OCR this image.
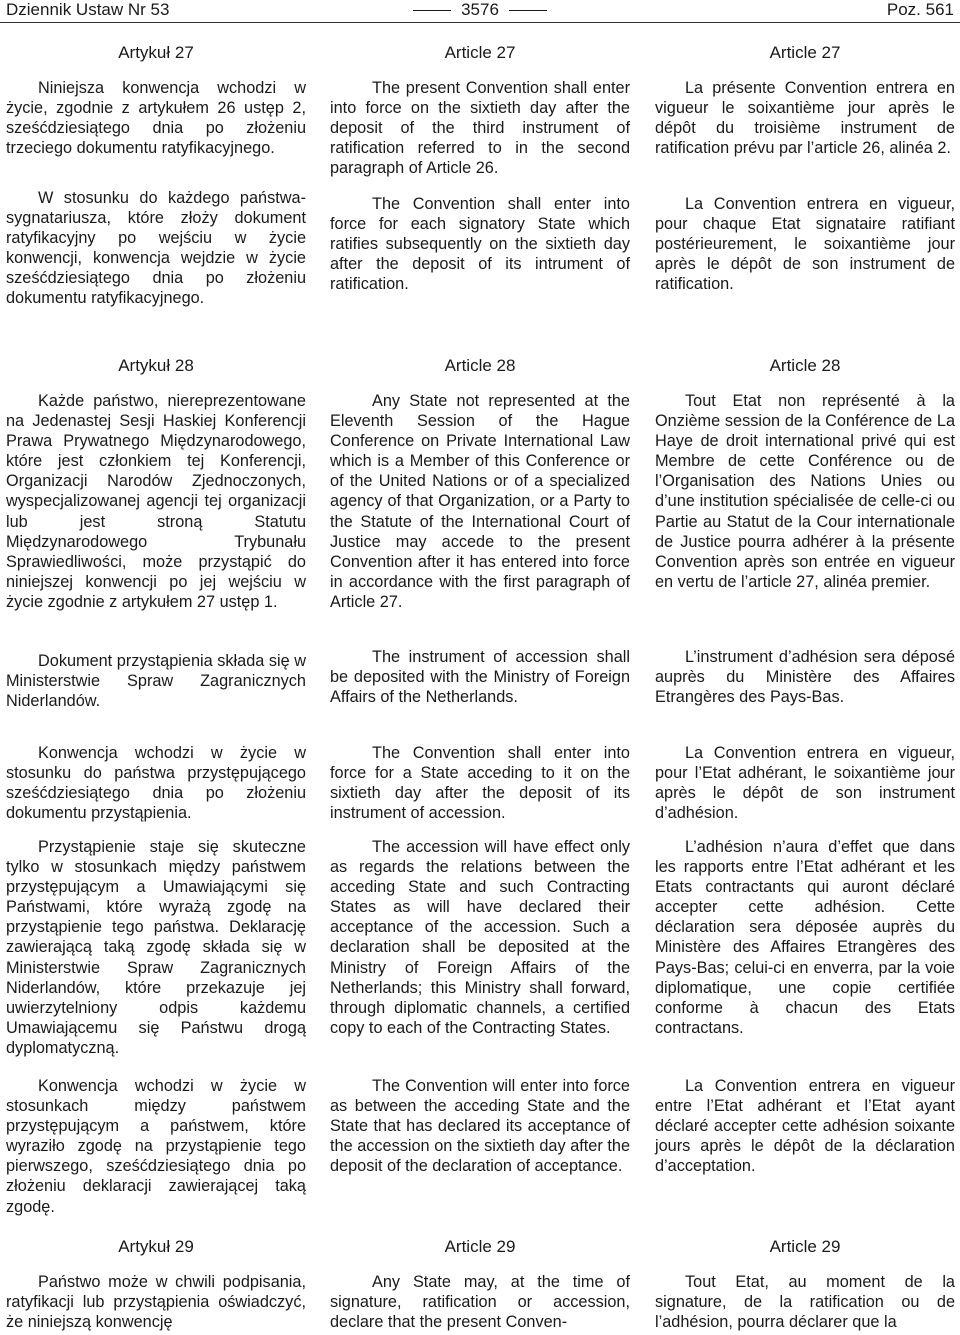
Dziennik Ustaw Nr 53	3576	Poz. 561
Artykuł 27
Niniejsza konwencja wchodzi w życie, zgodnie z artykułem 26 ustęp 2, sześćdziesiątego dnia po złożeniu trzeciego dokumentu ratyfikacyjnego.
W stosunku do każdego państwa-sygnatariusza, które złoży dokument ratyfikacyjny po wejściu w życie konwencji, konwencja wejdzie w życie sześćdziesiątego dnia po złożeniu dokumentu ratyfikacyjnego.
Artykuł 28
Każde państwo, niereprezentowane na Jedenastej Sesji Haskiej Konferencji Prawa Prywatnego Międzynarodowego, które jest członkiem tej Konferencji, Organizacji Narodów Zjednoczonych, wyspecjalizowanej agencji tej organizacji lub jest stroną Statutu Międzynarodowego Trybunału Sprawiedliwości, może przystąpić do niniejszej konwencji po jej wejściu w życie zgodnie z artykułem 27 ustęp 1.
Dokument przystąpienia składa się w Ministerstwie Spraw Zagranicznych Niderlandów.
Konwencja wchodzi w życie w stosunku do państwa przystępującego sześćdziesiątego dnia po złożeniu dokumentu przystąpienia.
Przystąpienie staje się skuteczne tylko w stosunkach między państwem przystępującym a Umawiającymi się Państwami, które wyrażą zgodę na przystąpienie tego państwa. Deklarację zawierającą taką zgodę składa się w Ministerstwie Spraw Zagranicznych Niderlandów, które przekazuje jej uwierzytelniony odpis każdemu Umawiającemu się Państwu drogą dyplomatyczną.
Konwencja wchodzi w życie w stosunkach między państwem przystępującym a państwem, które wyraziło zgodę na przystąpienie tego pierwszego, sześćdziesiątego dnia po złożeniu deklaracji zawierającej taką zgodę.
Artykuł 29
Państwo może w chwili podpisania, ratyfikacji lub przystąpienia oświadczyć, że niniejszą konwencję
Article 27
The present Convention shall enter into force on the sixtieth day after the deposit of the third instrument of ratification referred to in the second paragraph of Article 26.
The Convention shall enter into force for each signatory State which ratifies subsequently on the sixtieth day after the deposit of its intrument of ratification.
Article 28
Any State not represented at the Eleventh Session of the Hague Conference on Private International Law which is a Member of this Conference or of the United Nations or of a specialized agency of that Organization, or a Party to the Statute of the International Court of Justice may accede to the present Convention after it has entered into force in accordance with the first paragraph of Article 27.
The instrument of accession shall be deposited with the Ministry of Foreign Affairs of the Netherlands.
The Convention shall enter into force for a State acceding to it on the sixtieth day after the deposit of its instrument of accession.
The accession will have effect only as regards the relations between the acceding State and such Contracting States as will have declared their acceptance of the accession. Such a declaration shall be deposited at the Ministry of Foreign Affairs of the Netherlands; this Ministry shall forward, through diplomatic channels, a certified copy to each of the Contracting States.
The Convention will enter into force as between the acceding State and the State that has declared its acceptance of the accession on the sixtieth day after the deposit of the declaration of acceptance.
Article 29
Any State may, at the time of signature, ratification or accession, declare that the present Conven-
Article 27
La présente Convention entrera en vigueur le soixantième jour après le dépôt du troisième instrument de ratification prévu par l’article 26, alinéa 2.
La Convention entrera en vigueur, pour chaque Etat signataire ratifiant postérieurement, le soixantième jour après le dépôt de son instrument de ratification.
Article 28
Tout Etat non représenté à la Onzième session de la Conférence de La Haye de droit international privé qui est Membre de cette Conférence ou de l’Organisation des Nations Unies ou d’une institution spécialisée de celle-ci ou Partie au Statut de la Cour internationale de Justice pourra adhérer à la présente Convention après son entrée en vigueur en vertu de l’article 27, alinéa premier.
L’instrument d’adhésion sera déposé auprès du Ministère des Affaires Etrangères des Pays-Bas.
La Convention entrera en vigueur, pour l’Etat adhérant, le soixantième jour après le dépôt de son instrument d’adhésion.
L’adhésion n’aura d’effet que dans les rapports entre l’Etat adhérant et les Etats contractants qui auront déclaré accepter cette adhésion. Cette déclaration sera déposée auprès du Ministère des Affaires Etrangères des Pays-Bas; celui-ci en enverra, par la voie diplomatique, une copie certifiée conforme à chacun des Etats contractans.
La Convention entrera en vigueur entre l’Etat adhérant et l’Etat ayant déclaré accepter cette adhésion soixante jours après le dépôt de la déclaration d’acceptation.
Article 29
Tout Etat, au moment de la signature, de la ratification ou de l’adhésion, pourra déclarer que la
